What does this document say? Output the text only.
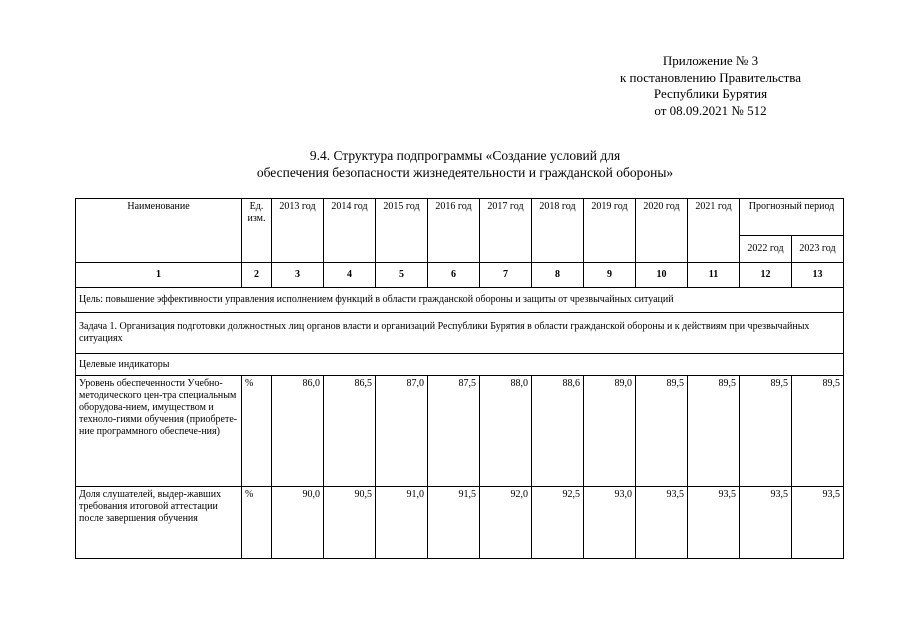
Приложение № 3
к постановлению Правительства
Республики Бурятия
от 08.09.2021 № 512
9.4. Структура подпрограммы «Создание условий для
обеспечения безопасности жизнедеятельности и гражданской обороны»
Наименование	Ед. изм.	2013 год	2014 год	2015 год	2016 год	2017 год	2018 год	2019 год	2020 год	2021 год	Прогнозный период	
											2022 год	2023 год
1	2	3	4	5	6	7	8	9	10	11	12	13
Цель: повышение эффективности управления исполнением функций в области гражданской обороны и защиты от чрезвычайных ситуаций												
Задача 1. Организация подготовки должностных лиц органов власти и организаций Республики Бурятия в области гражданской обороны и к действиям при чрезвычайных ситуациях												
Целевые индикаторы												
Уровень обеспеченности Учебно-методического цен-тра специальным оборудова-нием, имуществом и техноло-гиями обучения (приобрете-ние программного обеспече-ния)	%	86,0	86,5	87,0	87,5	88,0	88,6	89,0	89,5	89,5	89,5	89,5
Доля слушателей, выдер-жавших требования итоговой аттестации после завершения обучения	%	90,0	90,5	91,0	91,5	92,0	92,5	93,0	93,5	93,5	93,5	93,5
